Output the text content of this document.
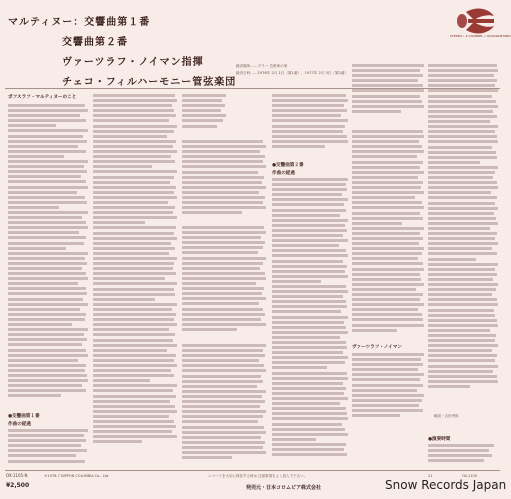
マルティヌー：交響曲第１番
交響曲第２番
ヴァーツラフ・ノイマン指揮
チェコ・フィルハーモニー管弦楽団
STEREO • 4 CHANNEL • QUADRAPHONIC
録音場所……プラハ 芸術家の家
録音日時……1976年 2月 1日（第1番）、1977年 2月 3日（第2番）
ボフスラフ・マルティヌーのこと
●交響曲第１番
作曲の経過
●交響曲第２番
作曲の経過
ヴァーツラフ・ノイマン
解説・吉田秀和
●演奏時間
OX-1105-N	℗1976-7 NIPPON COLUMBIA Co., Ltd.	レコードを大切に保存する時は 注意事項をよく読んで下さい。	21	OX-1105
¥2,500	発売元・日本コロムビア株式会社	Snow Records Japan
